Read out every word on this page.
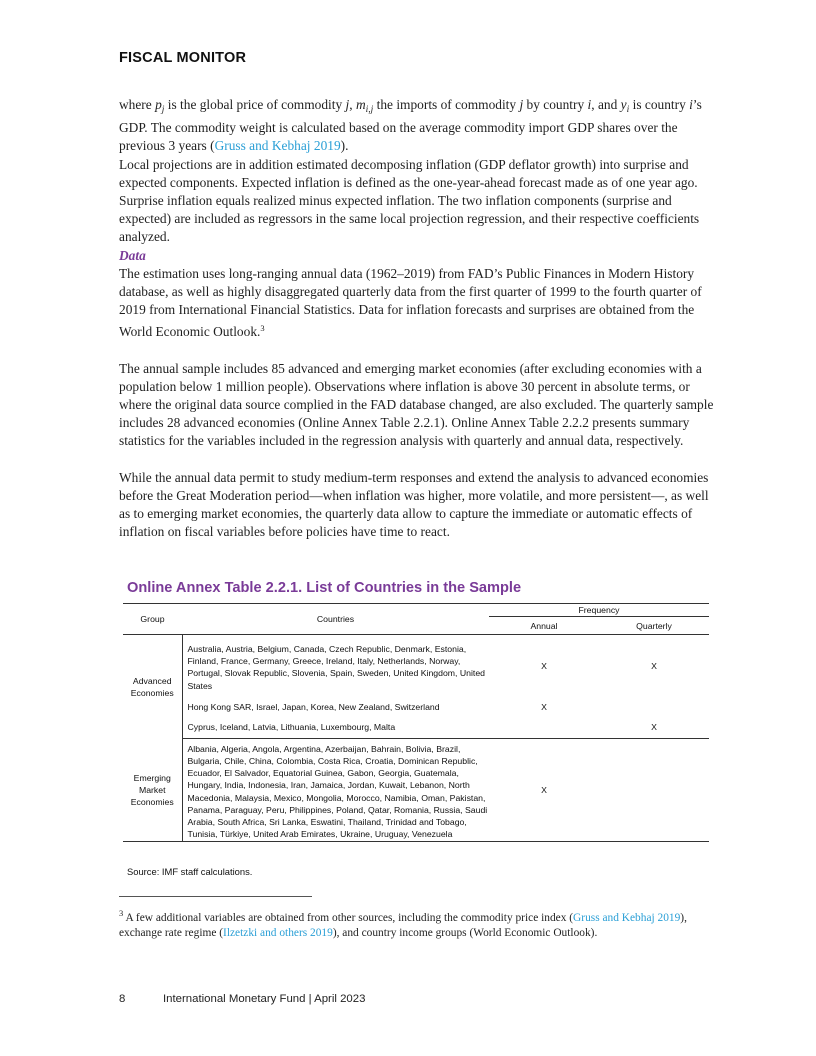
FISCAL MONITOR

where $p_j$ is the global price of commodity j, $m_{i,j}$ the imports of commodity j by country i, and $y_i$ is country i’s GDP. The commodity weight is calculated based on the average commodity import GDP shares over the previous 3 years (Gruss and Kebhaj 2019).

Local projections are in addition estimated decomposing inflation (GDP deflator growth) into surprise and expected components. Expected inflation is defined as the one-year-ahead forecast made as of one year ago. Surprise inflation equals realized minus expected inflation. The two inflation components (surprise and expected) are included as regressors in the same local projection regression, and their respective coefficients analyzed.

Data

The estimation uses long-ranging annual data (1962–2019) from FAD’s Public Finances in Modern History database, as well as highly disaggregated quarterly data from the first quarter of 1999 to the fourth quarter of 2019 from International Financial Statistics. Data for inflation forecasts and surprises are obtained from the World Economic Outlook.$^3$

The annual sample includes 85 advanced and emerging market economies (after excluding economies with a population below 1 million people). Observations where inflation is above 30 percent in absolute terms, or where the original data source complied in the FAD database changed, are also excluded. The quarterly sample includes 28 advanced economies (Online Annex Table 2.2.1). Online Annex Table 2.2.2 presents summary statistics for the variables included in the regression analysis with quarterly and annual data, respectively.

While the annual data permit to study medium-term responses and extend the analysis to advanced economies before the Great Moderation period—when inflation was higher, more volatile, and more persistent—, as well as to emerging market economies, the quarterly data allow to capture the immediate or automatic effects of inflation on fiscal variables before policies have time to react.

Online Annex Table 2.2.1. List of Countries in the Sample
Group	Countries	Frequency	
		Annual	Quarterly
Advanced Economies	Australia, Austria, Belgium, Canada, Czech Republic, Denmark, Estonia, Finland, France, Germany, Greece, Ireland, Italy, Netherlands, Norway, Portugal, Slovak Republic, Slovenia, Spain, Sweden, United Kingdom, United States	X	X
	Hong Kong SAR, Israel, Japan, Korea, New Zealand, Switzerland	X	
	Cyprus, Iceland, Latvia, Lithuania, Luxembourg, Malta		X
Emerging Market Economies	Albania, Algeria, Angola, Argentina, Azerbaijan, Bahrain, Bolivia, Brazil, Bulgaria, Chile, China, Colombia, Costa Rica, Croatia, Dominican Republic, Ecuador, El Salvador, Equatorial Guinea, Gabon, Georgia, Guatemala, Hungary, India, Indonesia, Iran, Jamaica, Jordan, Kuwait, Lebanon, North Macedonia, Malaysia, Mexico, Mongolia, Morocco, Namibia, Oman, Pakistan, Panama, Paraguay, Peru, Philippines, Poland, Qatar, Romania, Russia, Saudi Arabia, South Africa, Sri Lanka, Eswatini, Thailand, Trinidad and Tobago, Tunisia, Türkiye, United Arab Emirates, Ukraine, Uruguay, Venezuela	X	
Source: IMF staff calculations.
$^3$ A few additional variables are obtained from other sources, including the commodity price index (Gruss and Kebhaj 2019), exchange rate regime (Ilzetzki and others 2019), and country income groups (World Economic Outlook).
8	International Monetary Fund | April 2023
